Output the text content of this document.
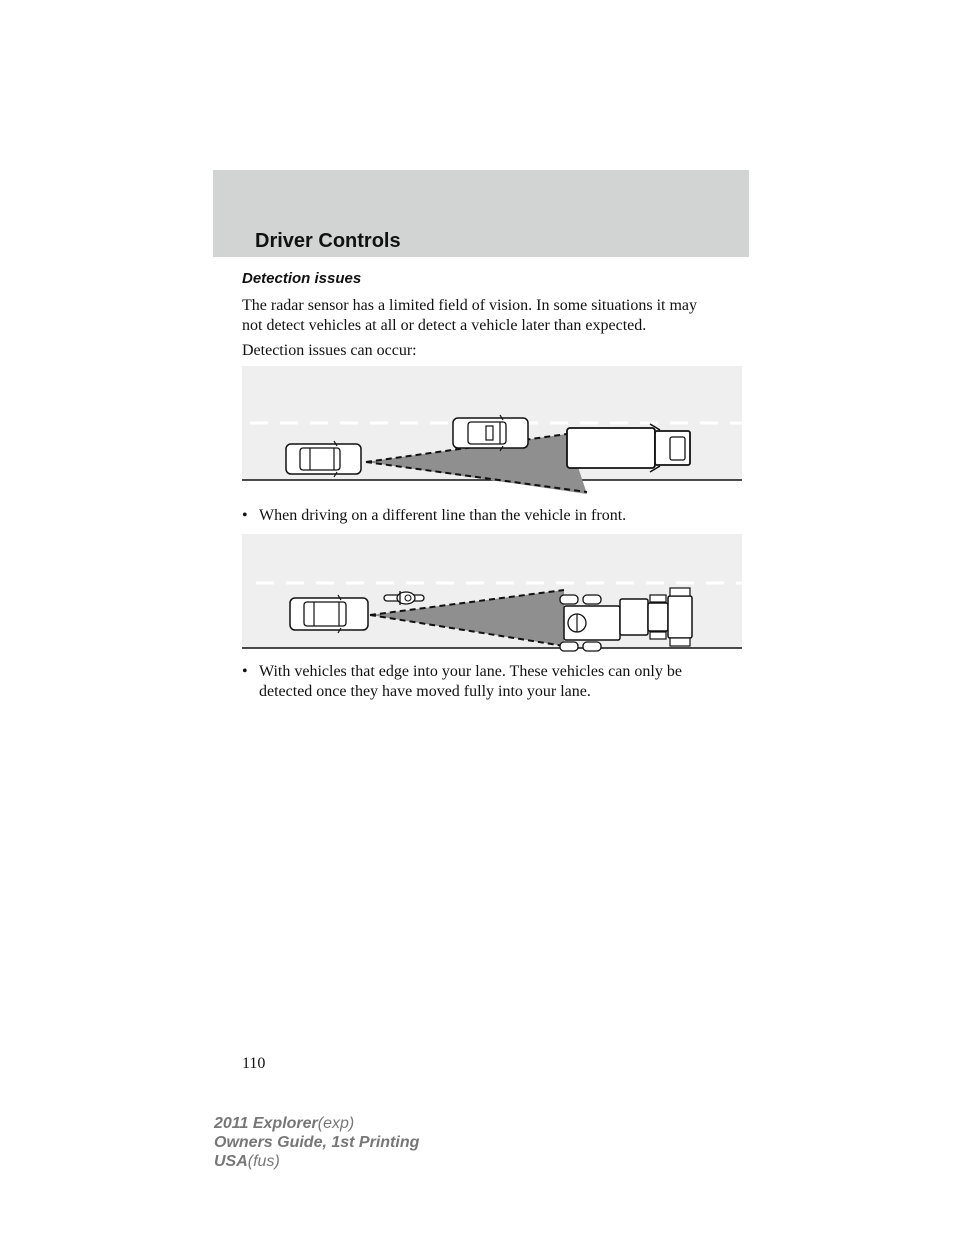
Driver Controls
Detection issues

The radar sensor has a limited field of vision. In some situations it may
not detect vehicles at all or detect a vehicle later than expected.

Detection issues can occur:

• When driving on a different line than the vehicle in front.
• With vehicles that edge into your lane. These vehicles can only be
detected once they have moved fully into your lane.
110
2011 Explorer(exp)
Owners Guide, 1st Printing
USA(fus)
